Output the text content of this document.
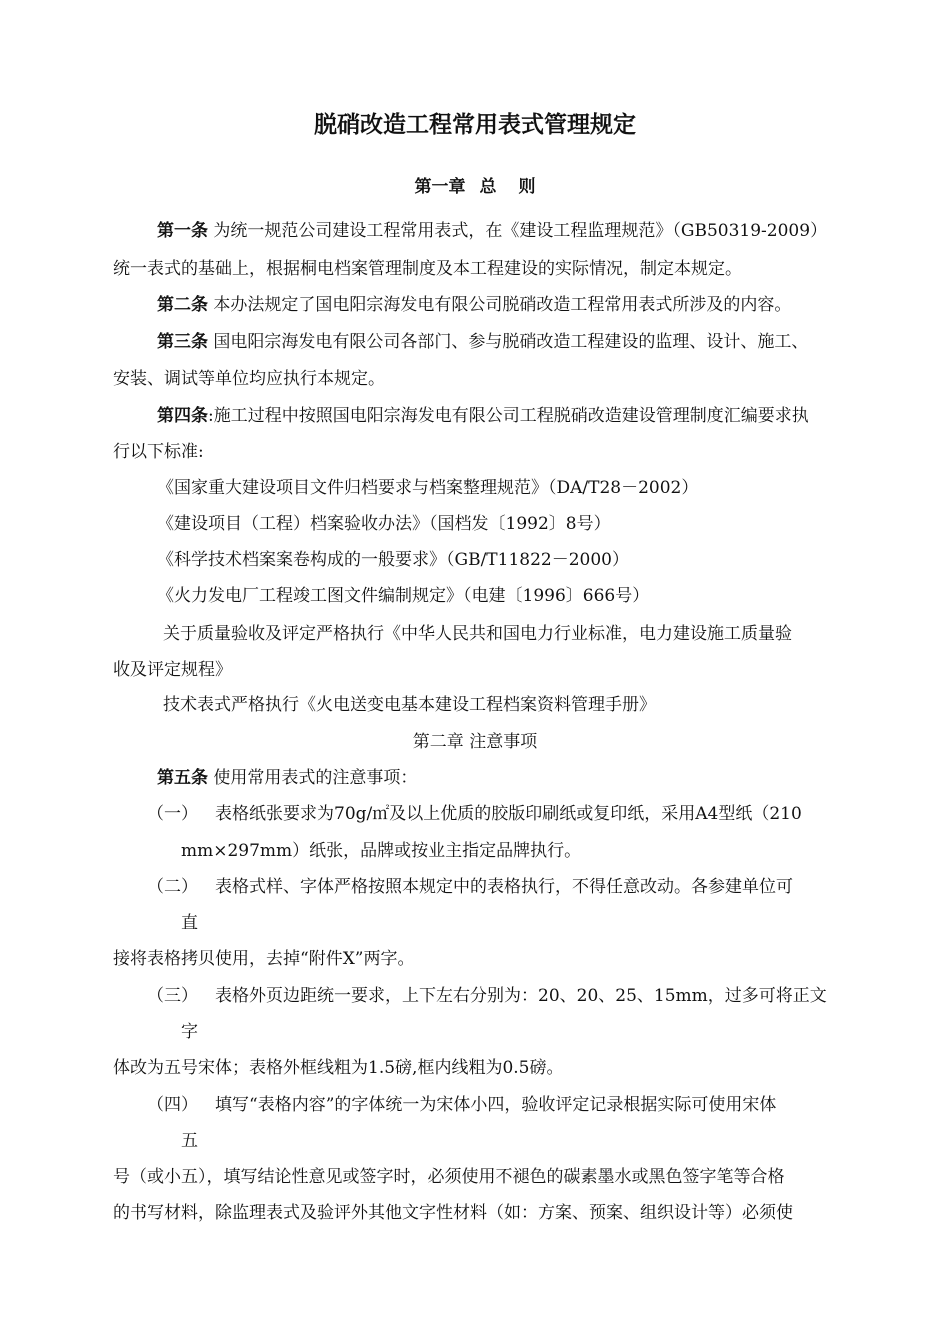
脱硝改造工程常用表式管理规定
第一章 总 则
第一条 为统一规范公司建设工程常用表式，在《建设工程监理规范》（GB50319-2009）
统一表式的基础上，根据桐电档案管理制度及本工程建设的实际情况，制定本规定。
第二条 本办法规定了国电阳宗海发电有限公司脱硝改造工程常用表式所涉及的内容。
第三条 国电阳宗海发电有限公司各部门、参与脱硝改造工程建设的监理、设计、施工、
安装、调试等单位均应执行本规定。
第四条:施工过程中按照国电阳宗海发电有限公司工程脱硝改造建设管理制度汇编要求执
行以下标准:
《国家重大建设项目文件归档要求与档案整理规范》（DA/T28－2002）
《建设项目（工程）档案验收办法》（国档发〔1992〕8号）
《科学技术档案案卷构成的一般要求》（GB/T11822－2000）
《火力发电厂工程竣工图文件编制规定》（电建〔1996〕666号）
关于质量验收及评定严格执行《中华人民共和国电力行业标准，电力建设施工质量验
收及评定规程》
技术表式严格执行《火电送变电基本建设工程档案资料管理手册》
第二章 注意事项
第五条 使用常用表式的注意事项：
（一） 表格纸张要求为70g/㎡及以上优质的胶版印刷纸或复印纸，采用A4型纸（210
mm×297mm）纸张，品牌或按业主指定品牌执行。
（二） 表格式样、字体严格按照本规定中的表格执行，不得任意改动。各参建单位可
直
接将表格拷贝使用，去掉“附件X”两字。
（三） 表格外页边距统一要求，上下左右分别为：20、20、25、15mm，过多可将正文
字
体改为五号宋体；表格外框线粗为1.5磅,框内线粗为0.5磅。
（四） 填写“表格内容”的字体统一为宋体小四，验收评定记录根据实际可使用宋体
五
号（或小五），填写结论性意见或签字时，必须使用不褪色的碳素墨水或黑色签字笔等合格
的书写材料，除监理表式及验评外其他文字性材料（如：方案、预案、组织设计等）必须使
